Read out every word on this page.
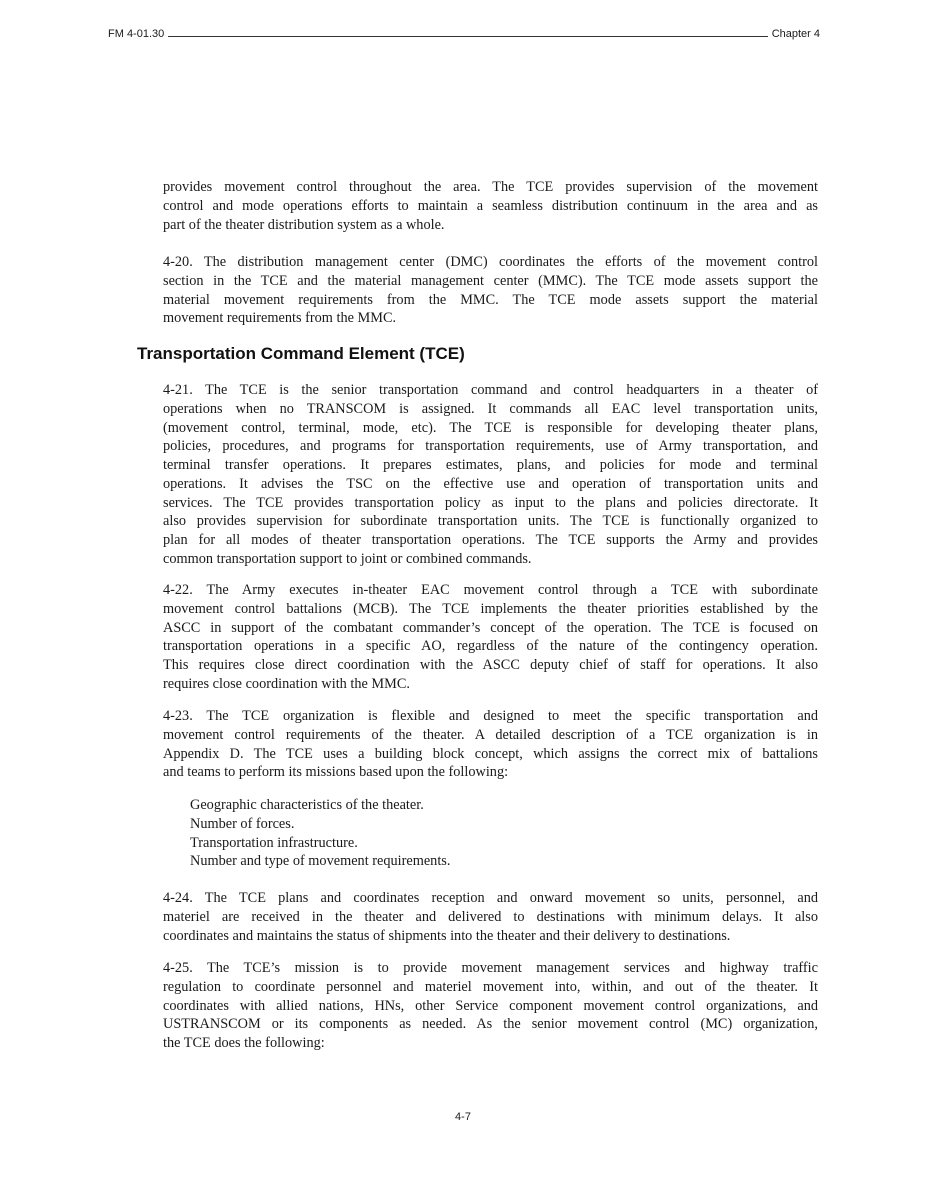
FM 4-01.30	Chapter 4
provides movement control throughout the area. The TCE provides supervision of the movement
control and mode operations efforts to maintain a seamless distribution continuum in the area and as
part of the theater distribution system as a whole.
4-20. The distribution management center (DMC) coordinates the efforts of the movement control
section in the TCE and the material management center (MMC). The TCE mode assets support the
material movement requirements from the MMC. The TCE mode assets support the material
movement requirements from the MMC.
Transportation Command Element (TCE)
4-21. The TCE is the senior transportation command and control headquarters in a theater of
operations when no TRANSCOM is assigned. It commands all EAC level transportation units,
(movement control, terminal, mode, etc). The TCE is responsible for developing theater plans,
policies, procedures, and programs for transportation requirements, use of Army transportation, and
terminal transfer operations. It prepares estimates, plans, and policies for mode and terminal
operations. It advises the TSC on the effective use and operation of transportation units and
services. The TCE provides transportation policy as input to the plans and policies directorate. It
also provides supervision for subordinate transportation units. The TCE is functionally organized to
plan for all modes of theater transportation operations. The TCE supports the Army and provides
common transportation support to joint or combined commands.
4-22. The Army executes in-theater EAC movement control through a TCE with subordinate
movement control battalions (MCB). The TCE implements the theater priorities established by the
ASCC in support of the combatant commander’s concept of the operation. The TCE is focused on
transportation operations in a specific AO, regardless of the nature of the contingency operation.
This requires close direct coordination with the ASCC deputy chief of staff for operations. It also
requires close coordination with the MMC.
4-23. The TCE organization is flexible and designed to meet the specific transportation and
movement control requirements of the theater. A detailed description of a TCE organization is in
Appendix D. The TCE uses a building block concept, which assigns the correct mix of battalions
and teams to perform its missions based upon the following:
Geographic characteristics of the theater.
Number of forces.
Transportation infrastructure.
Number and type of movement requirements.
4-24. The TCE plans and coordinates reception and onward movement so units, personnel, and
materiel are received in the theater and delivered to destinations with minimum delays. It also
coordinates and maintains the status of shipments into the theater and their delivery to destinations.
4-25. The TCE’s mission is to provide movement management services and highway traffic
regulation to coordinate personnel and materiel movement into, within, and out of the theater. It
coordinates with allied nations, HNs, other Service component movement control organizations, and
USTRANSCOM or its components as needed. As the senior movement control (MC) organization,
the TCE does the following:
4-7
